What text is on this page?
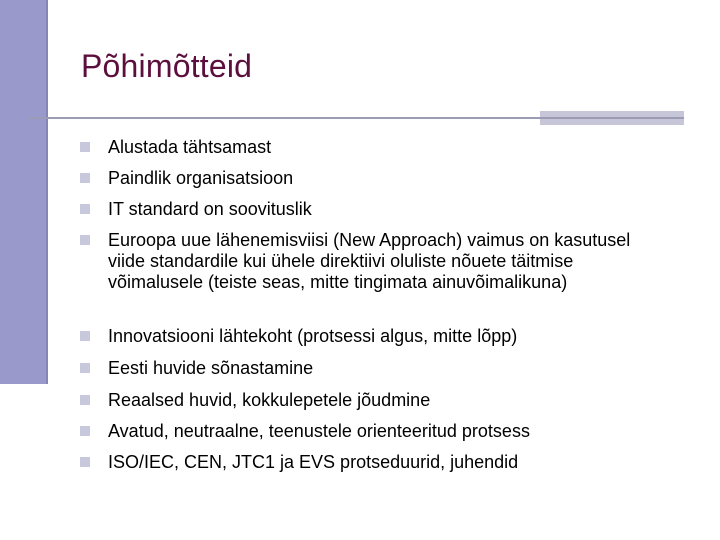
Põhimõtteid
Alustada tähtsamast
Paindlik organisatsioon
IT standard on soovituslik
Euroopa uue lähenemisviisi (New Approach) vaimus on kasutusel viide standardile kui ühele direktiivi oluliste nõuete täitmise võimalusele (teiste seas, mitte tingimata ainuvõimalikuna)
Innovatsiooni lähtekoht (protsessi algus, mitte lõpp)
Eesti huvide sõnastamine
Reaalsed huvid, kokkulepetele jõudmine
Avatud, neutraalne, teenustele orienteeritud protsess
ISO/IEC, CEN, JTC1 ja EVS protseduurid, juhendid
